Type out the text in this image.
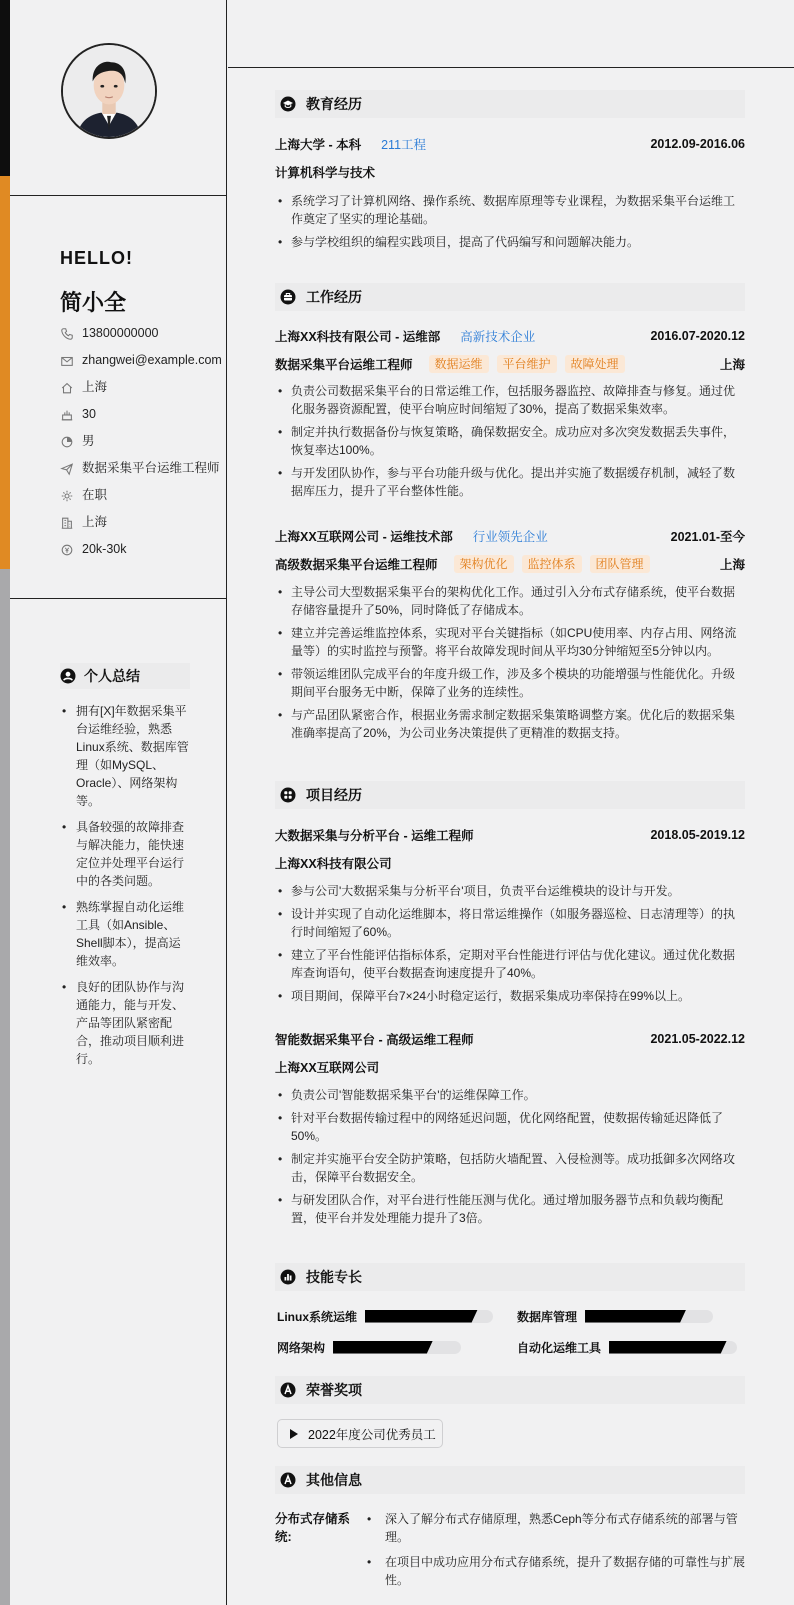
HELLO!
简小全
13800000000
zhangwei@example.com
上海
30
男
数据采集平台运维工程师
在职
上海
20k-30k
个人总结
• 拥有[X]年数据采集平台运维经验，熟悉Linux系统、数据库管理（如MySQL、Oracle）、网络架构等。
• 具备较强的故障排查与解决能力，能快速定位并处理平台运行中的各类问题。
• 熟练掌握自动化运维工具（如Ansible、Shell脚本），提高运维效率。
• 良好的团队协作与沟通能力，能与开发、产品等团队紧密配合，推动项目顺利进行。
教育经历
上海大学 - 本科 211工程	2012.09-2016.06
计算机科学与技术
• 系统学习了计算机网络、操作系统、数据库原理等专业课程，为数据采集平台运维工作奠定了坚实的理论基础。
• 参与学校组织的编程实践项目，提高了代码编写和问题解决能力。
工作经历
上海XX科技有限公司 - 运维部 高新技术企业	2016.07-2020.12
数据采集平台运维工程师	数据运维	平台维护	故障处理	上海
• 负责公司数据采集平台的日常运维工作，包括服务器监控、故障排查与修复。通过优化服务器资源配置，使平台响应时间缩短了30%，提高了数据采集效率。
• 制定并执行数据备份与恢复策略，确保数据安全。成功应对多次突发数据丢失事件，恢复率达100%。
• 与开发团队协作，参与平台功能升级与优化。提出并实施了数据缓存机制，减轻了数据库压力，提升了平台整体性能。
上海XX互联网公司 - 运维技术部 行业领先企业	2021.01-至今
高级数据采集平台运维工程师	架构优化	监控体系	团队管理	上海
• 主导公司大型数据采集平台的架构优化工作。通过引入分布式存储系统，使平台数据存储容量提升了50%，同时降低了存储成本。
• 建立并完善运维监控体系，实现对平台关键指标（如CPU使用率、内存占用、网络流量等）的实时监控与预警。将平台故障发现时间从平均30分钟缩短至5分钟以内。
• 带领运维团队完成平台的年度升级工作，涉及多个模块的功能增强与性能优化。升级期间平台服务无中断，保障了业务的连续性。
• 与产品团队紧密合作，根据业务需求制定数据采集策略调整方案。优化后的数据采集准确率提高了20%，为公司业务决策提供了更精准的数据支持。
项目经历
大数据采集与分析平台 - 运维工程师	2018.05-2019.12
上海XX科技有限公司
• 参与公司'大数据采集与分析平台'项目，负责平台运维模块的设计与开发。
• 设计并实现了自动化运维脚本，将日常运维操作（如服务器巡检、日志清理等）的执行时间缩短了60%。
• 建立了平台性能评估指标体系，定期对平台性能进行评估与优化建议。通过优化数据库查询语句，使平台数据查询速度提升了40%。
• 项目期间，保障平台7×24小时稳定运行，数据采集成功率保持在99%以上。
智能数据采集平台 - 高级运维工程师	2021.05-2022.12
上海XX互联网公司
• 负责公司'智能数据采集平台'的运维保障工作。
• 针对平台数据传输过程中的网络延迟问题，优化网络配置，使数据传输延迟降低了50%。
• 制定并实施平台安全防护策略，包括防火墙配置、入侵检测等。成功抵御多次网络攻击，保障平台数据安全。
• 与研发团队合作，对平台进行性能压测与优化。通过增加服务器节点和负载均衡配置，使平台并发处理能力提升了3倍。
技能专长
Linux系统运维	数据库管理
网络架构	自动化运维工具
荣誉奖项
2022年度公司优秀员工
其他信息
分布式存储系统:
• 深入了解分布式存储原理，熟悉Ceph等分布式存储系统的部署与管理。
• 在项目中成功应用分布式存储系统，提升了数据存储的可靠性与扩展性。
